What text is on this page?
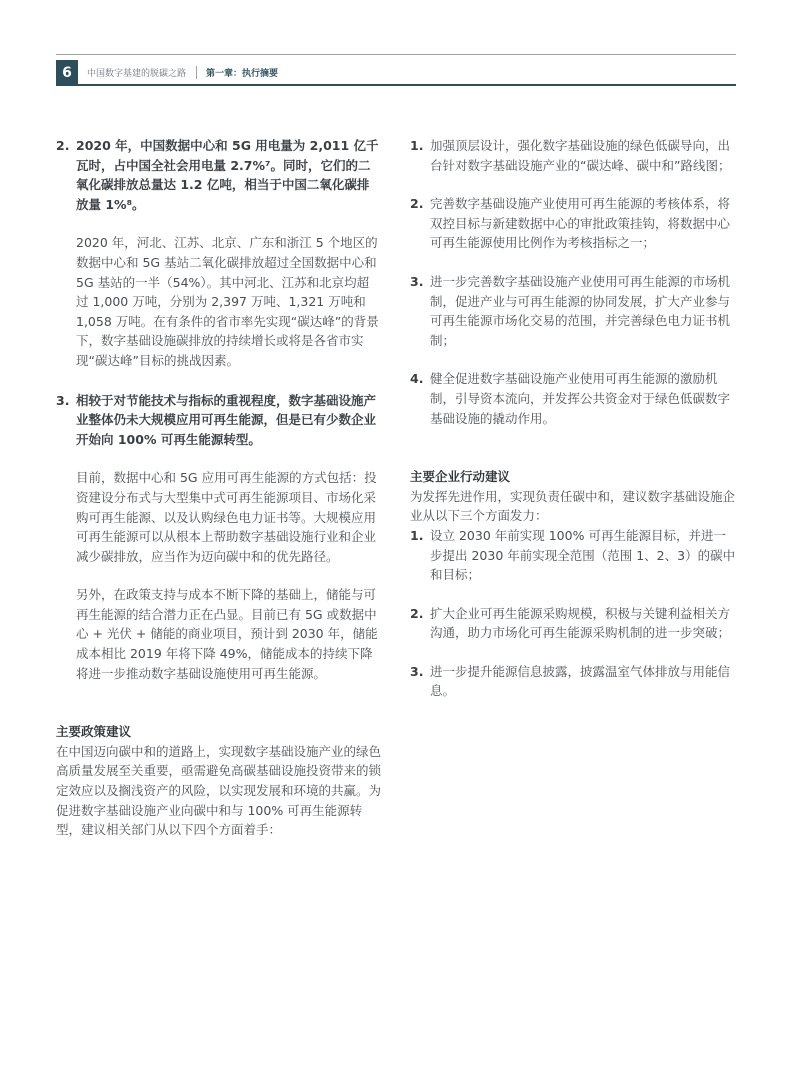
6	中国数字基建的脱碳之路 第一章：执行摘要
2. 2020 年，中国数据中心和 5G 用电量为 2,011 亿千瓦时，占中国全社会用电量 2.7%⁷。同时，它们的二氧化碳排放总量达 1.2 亿吨，相当于中国二氧化碳排放量 1%⁸。
2020 年，河北、江苏、北京、广东和浙江 5 个地区的数据中心和 5G 基站二氧化碳排放超过全国数据中心和 5G 基站的一半（54%）。其中河北、江苏和北京均超过 1,000 万吨，分别为 2,397 万吨、1,321 万吨和 1,058 万吨。在有条件的省市率先实现“碳达峰”的背景下，数字基础设施碳排放的持续增长或将是各省市实现“碳达峰”目标的挑战因素。
3. 相较于对节能技术与指标的重视程度，数字基础设施产业整体仍未大规模应用可再生能源，但是已有少数企业开始向 100% 可再生能源转型。
目前，数据中心和 5G 应用可再生能源的方式包括：投资建设分布式与大型集中式可再生能源项目、市场化采购可再生能源、以及认购绿色电力证书等。大规模应用可再生能源可以从根本上帮助数字基础设施行业和企业减少碳排放，应当作为迈向碳中和的优先路径。
另外，在政策支持与成本不断下降的基础上，储能与可再生能源的结合潜力正在凸显。目前已有 5G 或数据中心 + 光伏 + 储能的商业项目，预计到 2030 年，储能成本相比 2019 年将下降 49%，储能成本的持续下降将进一步推动数字基础设施使用可再生能源。
主要政策建议
在中国迈向碳中和的道路上，实现数字基础设施产业的绿色高质量发展至关重要，亟需避免高碳基础设施投资带来的锁定效应以及搁浅资产的风险，以实现发展和环境的共赢。为促进数字基础设施产业向碳中和与 100% 可再生能源转型，建议相关部门从以下四个方面着手：
1. 加强顶层设计，强化数字基础设施的绿色低碳导向，出台针对数字基础设施产业的“碳达峰、碳中和”路线图；
2. 完善数字基础设施产业使用可再生能源的考核体系，将双控目标与新建数据中心的审批政策挂钩，将数据中心可再生能源使用比例作为考核指标之一；
3. 进一步完善数字基础设施产业使用可再生能源的市场机制，促进产业与可再生能源的协同发展，扩大产业参与可再生能源市场化交易的范围，并完善绿色电力证书机制；
4. 健全促进数字基础设施产业使用可再生能源的激励机制，引导资本流向，并发挥公共资金对于绿色低碳数字基础设施的撬动作用。
主要企业行动建议
为发挥先进作用，实现负责任碳中和，建议数字基础设施企业从以下三个方面发力：
1. 设立 2030 年前实现 100% 可再生能源目标，并进一步提出 2030 年前实现全范围（范围 1、2、3）的碳中和目标；
2. 扩大企业可再生能源采购规模，积极与关键利益相关方沟通，助力市场化可再生能源采购机制的进一步突破；
3. 进一步提升能源信息披露，披露温室气体排放与用能信息。
